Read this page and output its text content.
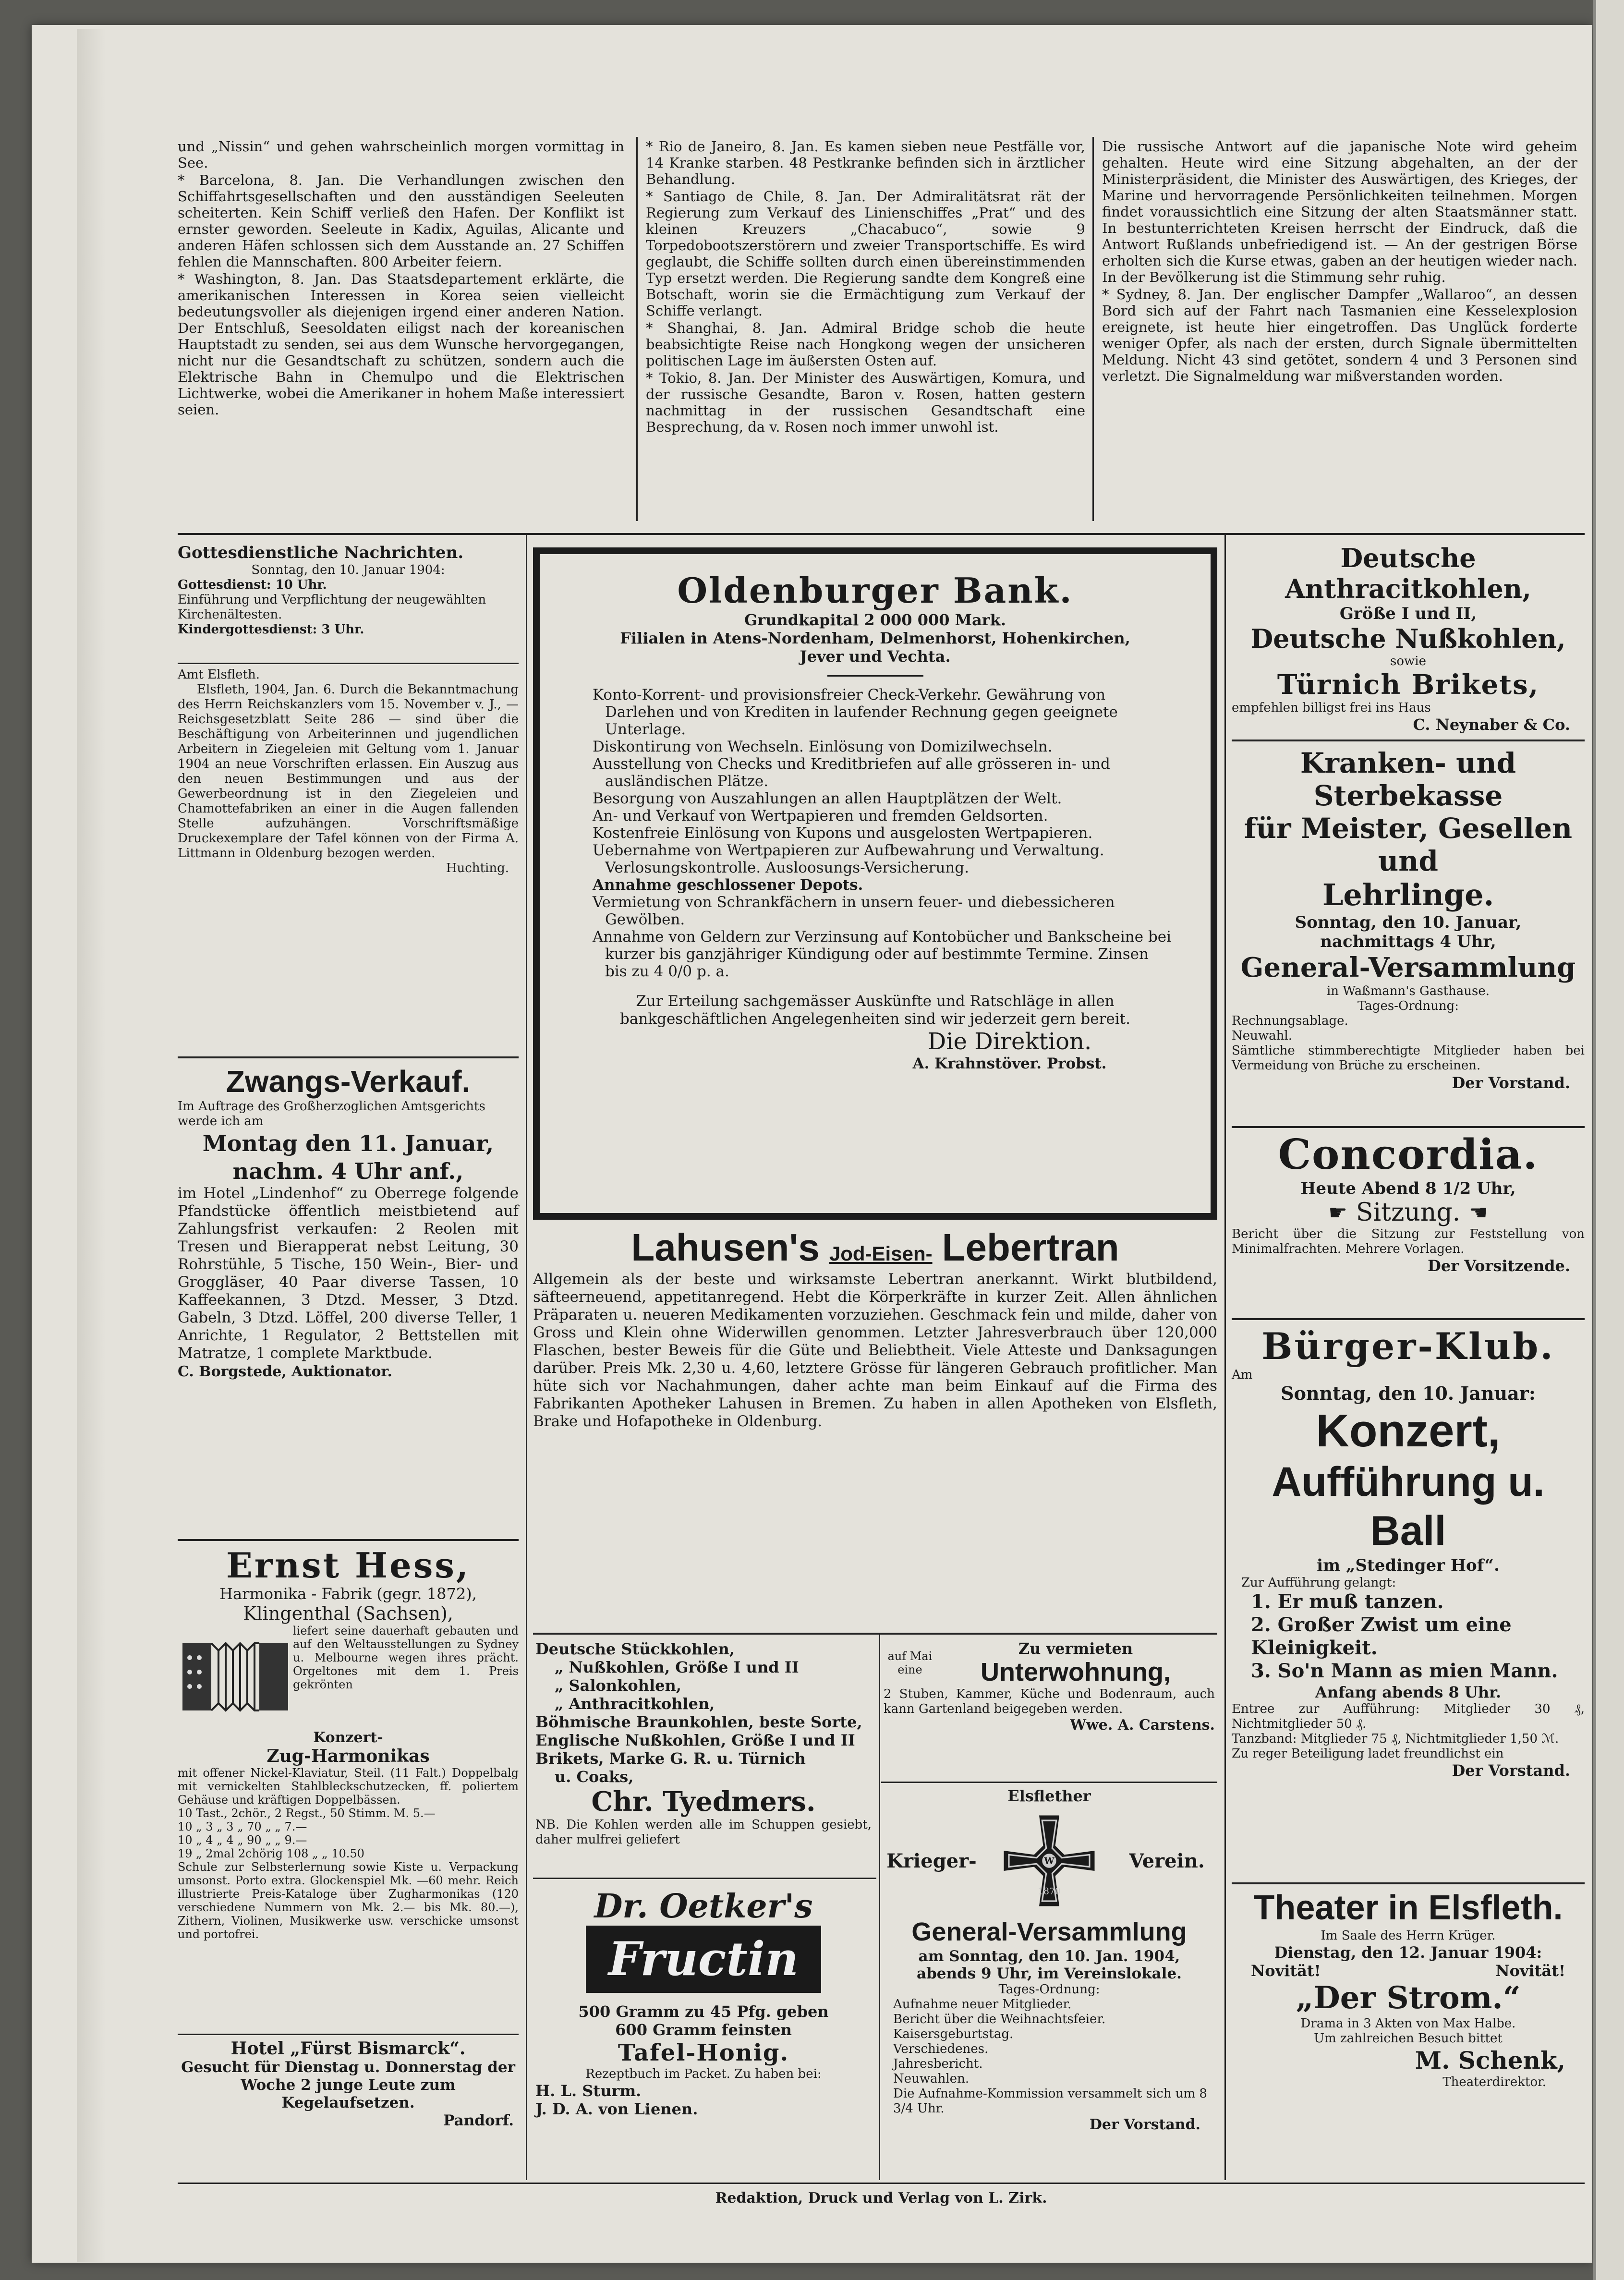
und „Nissin“ und gehen wahrscheinlich morgen vormittag in See.

* Barcelona, 8. Jan. Die Verhandlungen zwischen den Schiffahrtsgesellschaften und den ausständigen Seeleuten scheiterten. Kein Schiff verließ den Hafen. Der Konflikt ist ernster geworden. Seeleute in Kadix, Aguilas, Alicante und anderen Häfen schlossen sich dem Ausstande an. 27 Schiffen fehlen die Mannschaften. 800 Arbeiter feiern.

* Washington, 8. Jan. Das Staatsdepartement erklärte, die amerikanischen Interessen in Korea seien vielleicht bedeutungsvoller als diejenigen irgend einer anderen Nation. Der Entschluß, Seesoldaten eiligst nach der koreanischen Hauptstadt zu senden, sei aus dem Wunsche hervorgegangen, nicht nur die Gesandtschaft zu schützen, sondern auch die Elektrische Bahn in Chemulpo und die Elektrischen Lichtwerke, wobei die Amerikaner in hohem Maße interessiert seien.

* Rio de Janeiro, 8. Jan. Es kamen sieben neue Pestfälle vor, 14 Kranke starben. 48 Pestkranke befinden sich in ärztlicher Behandlung.

* Santiago de Chile, 8. Jan. Der Admiralitätsrat rät der Regierung zum Verkauf des Linienschiffes „Prat“ und des kleinen Kreuzers „Chacabuco“, sowie 9 Torpedobootszerstörern und zweier Transportschiffe. Es wird geglaubt, die Schiffe sollten durch einen übereinstimmenden Typ ersetzt werden. Die Regierung sandte dem Kongreß eine Botschaft, worin sie die Ermächtigung zum Verkauf der Schiffe verlangt.

* Shanghai, 8. Jan. Admiral Bridge schob die heute beabsichtigte Reise nach Hongkong wegen der unsicheren politischen Lage im äußersten Osten auf.

* Tokio, 8. Jan. Der Minister des Auswärtigen, Komura, und der russische Gesandte, Baron v. Rosen, hatten gestern nachmittag in der russischen Gesandtschaft eine Besprechung, da v. Rosen noch immer unwohl ist.

Die russische Antwort auf die japanische Note wird geheim gehalten. Heute wird eine Sitzung abgehalten, an der der Ministerpräsident, die Minister des Auswärtigen, des Krieges, der Marine und hervorragende Persönlichkeiten teilnehmen. Morgen findet voraussichtlich eine Sitzung der alten Staatsmänner statt. In bestunterrichteten Kreisen herrscht der Eindruck, daß die Antwort Rußlands unbefriedigend ist. — An der gestrigen Börse erholten sich die Kurse etwas, gaben an der heutigen wieder nach. In der Bevölkerung ist die Stimmung sehr ruhig.

* Sydney, 8. Jan. Der englischer Dampfer „Wallaroo“, an dessen Bord sich auf der Fahrt nach Tasmanien eine Kesselexplosion ereignete, ist heute hier eingetroffen. Das Unglück forderte weniger Opfer, als nach der ersten, durch Signale übermittelten Meldung. Nicht 43 sind getötet, sondern 4 und 3 Personen sind verletzt. Die Signalmeldung war mißverstanden worden.

Gottesdienstliche Nachrichten.
Sonntag, den 10. Januar 1904:
Gottesdienst: 10 Uhr.
Einführung und Verpflichtung der neugewählten Kirchenältesten.
Kindergottesdienst: 3 Uhr.
Amt Elsfleth.
Elsfleth, 1904, Jan. 6. Durch die Bekanntmachung des Herrn Reichskanzlers vom 15. November v. J., — Reichsgesetzblatt Seite 286 — sind über die Beschäftigung von Arbeiterinnen und jugendlichen Arbeitern in Ziegeleien mit Geltung vom 1. Januar 1904 an neue Vorschriften erlassen. Ein Auszug aus den neuen Bestimmungen und aus der Gewerbeordnung ist in den Ziegeleien und Chamottefabriken an einer in die Augen fallenden Stelle aufzuhängen. Vorschriftsmäßige Druckexemplare der Tafel können von der Firma A. Littmann in Oldenburg bezogen werden.
Huchting.
Zwangs-Verkauf.
Im Auftrage des Großherzoglichen Amtsgerichts werde ich am
Montag den 11. Januar,
nachm. 4 Uhr anf.,
im Hotel „Lindenhof“ zu Oberrege folgende Pfandstücke öffentlich meistbietend auf Zahlungsfrist verkaufen: 2 Reolen mit Tresen und Bierapperat nebst Leitung, 30 Rohrstühle, 5 Tische, 150 Wein-, Bier- und Groggläser, 40 Paar diverse Tassen, 10 Kaffeekannen, 3 Dtzd. Messer, 3 Dtzd. Gabeln, 3 Dtzd. Löffel, 200 diverse Teller, 1 Anrichte, 1 Regulator, 2 Bettstellen mit Matratze, 1 complete Marktbude.
C. Borgstede, Auktionator.
Ernst Hess,
Harmonika - Fabrik (gegr. 1872),
Klingenthal (Sachsen),
liefert seine dauerhaft gebauten und auf den Weltausstellungen zu Sydney u. Melbourne wegen ihres prächt. Orgeltones mit dem 1. Preis gekrönten
Konzert-
Zug-Harmonikas
mit offener Nickel-Klaviatur, Steil. (11 Falt.) Doppelbalg mit vernickelten Stahlbleckschutzecken, ff. poliertem Gehäuse und kräftigen Doppelbässen.
10 Tast., 2chör., 2 Regst., 50 Stimm. M. 5.—
10 „ 3 „ 3 „ 70 „ „ 7.—
10 „ 4 „ 4 „ 90 „ „ 9.—
19 „ 2mal 2chörig 108 „ „ 10.50
Schule zur Selbsterlernung sowie Kiste u. Verpackung umsonst. Porto extra. Glockenspiel Mk. —60 mehr. Reich illustrierte Preis-Kataloge über Zugharmonikas (120 verschiedene Nummern von Mk. 2.— bis Mk. 80.—), Zithern, Violinen, Musikwerke usw. verschicke umsonst und portofrei.
Hotel „Fürst Bismarck“.
Gesucht für Dienstag u. Donnerstag der Woche 2 junge Leute zum Kegelaufsetzen.
Pandorf.
Oldenburger Bank.
Grundkapital 2 000 000 Mark.
Filialen in Atens-Nordenham, Delmenhorst, Hohenkirchen, Jever und Vechta.

Konto-Korrent- und provisionsfreier Check-Verkehr. Gewährung von Darlehen und von Krediten in laufender Rechnung gegen geeignete Unterlage.

Diskontirung von Wechseln. Einlösung von Domizilwechseln.

Ausstellung von Checks und Kreditbriefen auf alle grösseren in- und ausländischen Plätze.

Besorgung von Auszahlungen an allen Hauptplätzen der Welt.

An- und Verkauf von Wertpapieren und fremden Geldsorten.

Kostenfreie Einlösung von Kupons und ausgelosten Wertpapieren.

Uebernahme von Wertpapieren zur Aufbewahrung und Verwaltung. Verlosungskontrolle. Ausloosungs-Versicherung.

Annahme geschlossener Depots.

Vermietung von Schrankfächern in unsern feuer- und diebessicheren Gewölben.

Annahme von Geldern zur Verzinsung auf Kontobücher und Bankscheine bei kurzer bis ganzjähriger Kündigung oder auf bestimmte Termine. Zinsen bis zu 4 0/0 p. a.

Zur Erteilung sachgemässer Auskünfte und Ratschläge in allen bankgeschäftlichen Angelegenheiten sind wir jederzeit gern bereit.
Die Direktion.
A. Krahnstöver. Probst.
Lahusen's Jod-Eisen- Lebertran
Allgemein als der beste und wirksamste Lebertran anerkannt. Wirkt blutbildend, säfteerneuend, appetitanregend. Hebt die Körperkräfte in kurzer Zeit. Allen ähnlichen Präparaten u. neueren Medikamenten vorzuziehen. Geschmack fein und milde, daher von Gross und Klein ohne Widerwillen genommen. Letzter Jahresverbrauch über 120,000 Flaschen, bester Beweis für die Güte und Beliebtheit. Viele Atteste und Danksagungen darüber. Preis Mk. 2,30 u. 4,60, letztere Grösse für längeren Gebrauch profitlicher. Man hüte sich vor Nachahmungen, daher achte man beim Einkauf auf die Firma des Fabrikanten Apotheker Lahusen in Bremen. Zu haben in allen Apotheken von Elsfleth, Brake und Hofapotheke in Oldenburg.
Deutsche Stückkohlen,
„ Nußkohlen, Größe I und II
„ Salonkohlen,
„ Anthracitkohlen,
Böhmische Braunkohlen, beste Sorte,
Englische Nußkohlen, Größe I und II
Brikets, Marke G. R. u. Türnich
u. Coaks,
Chr. Tyedmers.
NB. Die Kohlen werden alle im Schuppen gesiebt, daher mulfrei geliefert
Dr. Oetker's
Fructin
500 Gramm zu 45 Pfg. geben
600 Gramm feinsten
Tafel-Honig.
Rezeptbuch im Packet. Zu haben bei:
H. L. Sturm.
J. D. A. von Lienen.
auf Mai eine
Zu vermieten
Unterwohnung,
2 Stuben, Kammer, Küche und Bodenraum, auch kann Gartenland beigegeben werden.
Wwe. A. Carstens.
Elsflether
Krieger-	W
1870
Verein.
General-Versammlung
am Sonntag, den 10. Jan. 1904, abends 9 Uhr, im Vereinslokale.
Tages-Ordnung:
Aufnahme neuer Mitglieder.
Bericht über die Weihnachtsfeier.
Kaisersgeburtstag.
Verschiedenes.
Jahresbericht.
Neuwahlen.
Die Aufnahme-Kommission versammelt sich um 8 3/4 Uhr.
Der Vorstand.
Deutsche Anthracitkohlen,
Größe I und II,
Deutsche Nußkohlen,
sowie
Türnich Brikets,
empfehlen billigst frei ins Haus
C. Neynaber & Co.
Kranken- und Sterbekasse
für Meister, Gesellen und
Lehrlinge.
Sonntag, den 10. Januar,
nachmittags 4 Uhr,
General-Versammlung
in Waßmann's Gasthause.
Tages-Ordnung:
Rechnungsablage.
Neuwahl.
Sämtliche stimmberechtigte Mitglieder haben bei Vermeidung von Brüche zu erscheinen.
Der Vorstand.
Concordia.
Heute Abend 8 1/2 Uhr,
☛ Sitzung. ☚
Bericht über die Sitzung zur Feststellung von Minimalfrachten. Mehrere Vorlagen.
Der Vorsitzende.
Bürger-Klub.
Am
Sonntag, den 10. Januar:
Konzert,
Aufführung u. Ball
im „Stedinger Hof“.
Zur Aufführung gelangt:
1. Er muß tanzen.
2. Großer Zwist um eine Kleinigkeit.
3. So'n Mann as mien Mann.
Anfang abends 8 Uhr.
Entree zur Aufführung: Mitglieder 30 ₰, Nichtmitglieder 50 ₰.
Tanzband: Mitglieder 75 ₰, Nichtmitglieder 1,50 ℳ.
Zu reger Beteiligung ladet freundlichst ein
Der Vorstand.
Theater in Elsfleth.
Im Saale des Herrn Krüger.
Dienstag, den 12. Januar 1904:
Novität!	Novität!
„Der Strom.“
Drama in 3 Akten von Max Halbe.
Um zahlreichen Besuch bittet
M. Schenk,
Theaterdirektor.
Redaktion, Druck und Verlag von L. Zirk.
